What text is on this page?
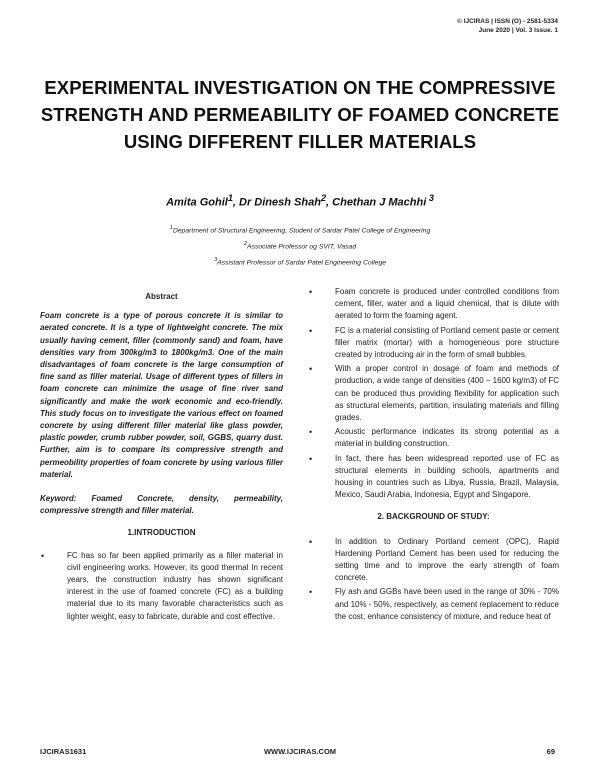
© IJCIRAS | ISSN (O) - 2581-5334
June 2020 | Vol. 3 Issue. 1
EXPERIMENTAL INVESTIGATION ON THE COMPRESSIVE STRENGTH AND PERMEABILITY OF FOAMED CONCRETE USING DIFFERENT FILLER MATERIALS
Amita Gohil$^1$, Dr Dinesh Shah$^2$, Chethan J Machhi $^3$
$^1$Department of Structural Engineering, Student of Sardar Patel College of Engineering
$^2$Associate Professor og SVIT, Vasad
$^3$Assistant Professor of Sardar Patel Engineering College
Abstract

Foam concrete is a type of porous concrete it is similar to aerated concrete. It is a type of lightweight concrete. The mix usually having cement, filler (commonly sand) and foam, have densities vary from 300kg/m3 to 1800kg/m3. One of the main disadvantages of foam concrete is the large consumption of fine sand as filler material. Usage of different types of fillers in foam concrete can minimize the usage of fine river sand significantly and make the work economic and eco-friendly. This study focus on to investigate the various effect on foamed concrete by using different filler material like glass powder, plastic powder, crumb rubber powder, soil, GGBS, quarry dust. Further, aim is to compare its compressive strength and permeobility properties of foam concrete by using various filler material.

Keyword: Foamed Concrete, density, permeability, compressive strength and filler material.

1.INTRODUCTION
•	FC has so far been applied primarily as a filler material in civil engineering works. However, its good thermal In recent years, the construction industry has shown significant interest in the use of foamed concrete (FC) as a building material due to its many favorable characteristics such as lighter weight, easy to fabricate, durable and cost effective.
•	Foam concrete is produced under controlled conditions from cement, filler, water and a liquid chemical, that is dilute with aerated to form the foaming agent.
•	FC is a material consisting of Portland cement paste or cement filler matrix (mortar) with a homogeneous pore structure created by introducing air in the form of small bubbles.
•	With a proper control in dosage of foam and methods of production, a wide range of densities (400 – 1600 kg/m3) of FC can be produced thus providing flexibility for application such as structural elements, partition, insulating materials and filling grades.
•	Acoustic performance indicates its strong potential as a material in building construction.
•	In fact, there has been widespread reported use of FC as structural elements in building schools, apartments and housing in countries such as Libya, Russia, Brazil, Malaysia, Mexico, Saudi Arabia, Indonesia, Egypt and Singapore.
2. BACKGROUND OF STUDY:
•	In addition to Ordinary Portland cement (OPC), Rapid Hardening Portland Cement has been used for reducing the setting time and to improve the early strength of foam concrete.
•	Fly ash and GGBs have been used in the range of 30% - 70% and 10% - 50%, respectively, as cement replacement to reduce the cost, enhance consistency of mixture, and reduce heat of
IJCIRAS1631	WWW.IJCIRAS.COM	69
